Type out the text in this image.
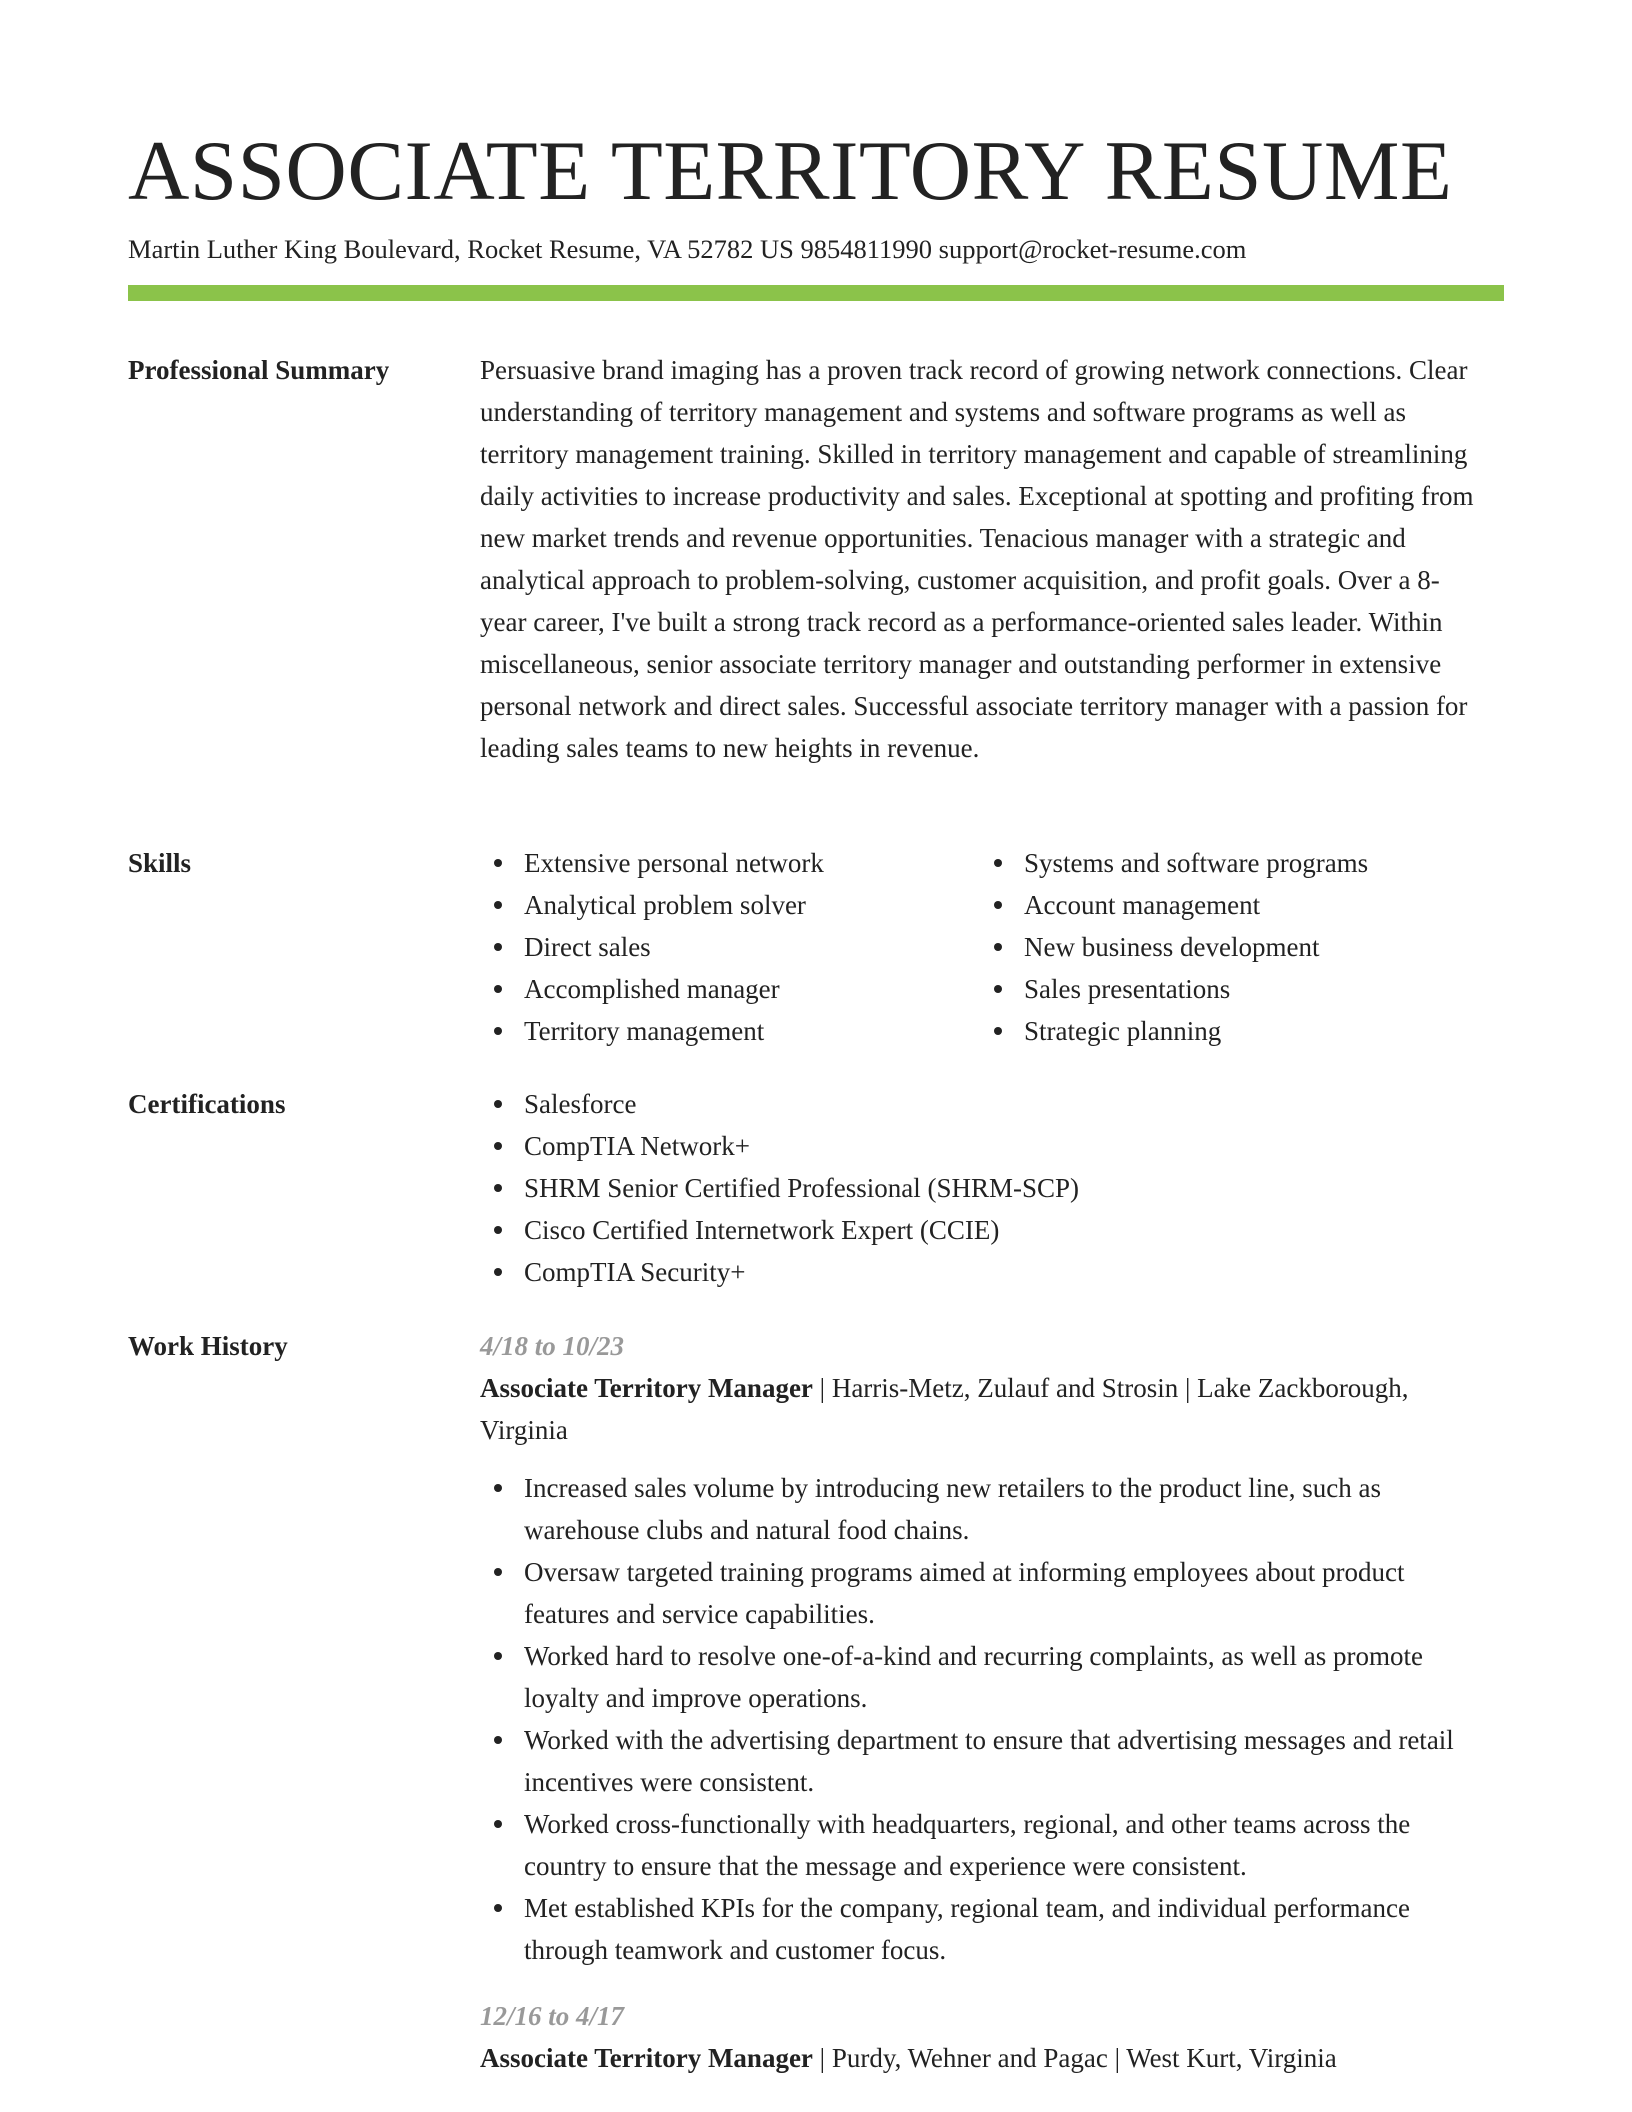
ASSOCIATE TERRITORY RESUME
Martin Luther King Boulevard, Rocket Resume, VA 52782 US 9854811990 support@rocket-resume.com
Professional Summary	Persuasive brand imaging has a proven track record of growing network connections. Clear understanding of territory management and systems and software programs as well as territory management training. Skilled in territory management and capable of streamlining daily activities to increase productivity and sales. Exceptional at spotting and profiting from new market trends and revenue opportunities. Tenacious manager with a strategic and analytical approach to problem-solving, customer acquisition, and profit goals. Over a 8-year career, I've built a strong track record as a performance-oriented sales leader. Within miscellaneous, senior associate territory manager and outstanding performer in extensive personal network and direct sales. Successful associate territory manager with a passion for leading sales teams to new heights in revenue.

Skills	Extensive personal network
Analytical problem solver
Direct sales
Accomplished manager
Territory management
Systems and software programs
Account management
New business development
Sales presentations
Strategic planning
Certifications	Salesforce
CompTIA Network+
SHRM Senior Certified Professional (SHRM-SCP)
Cisco Certified Internetwork Expert (CCIE)
CompTIA Security+
Work History	4/18 to 10/23

Associate Territory Manager | Harris-Metz, Zulauf and Strosin | Lake Zackborough, Virginia

Increased sales volume by introducing new retailers to the product line, such as warehouse clubs and natural food chains.
Oversaw targeted training programs aimed at informing employees about product features and service capabilities.
Worked hard to resolve one-of-a-kind and recurring complaints, as well as promote loyalty and improve operations.
Worked with the advertising department to ensure that advertising messages and retail incentives were consistent.
Worked cross-functionally with headquarters, regional, and other teams across the country to ensure that the message and experience were consistent.
Met established KPIs for the company, regional team, and individual performance through teamwork and customer focus.
12/16 to 4/17

Associate Territory Manager | Purdy, Wehner and Pagac | West Kurt, Virginia
